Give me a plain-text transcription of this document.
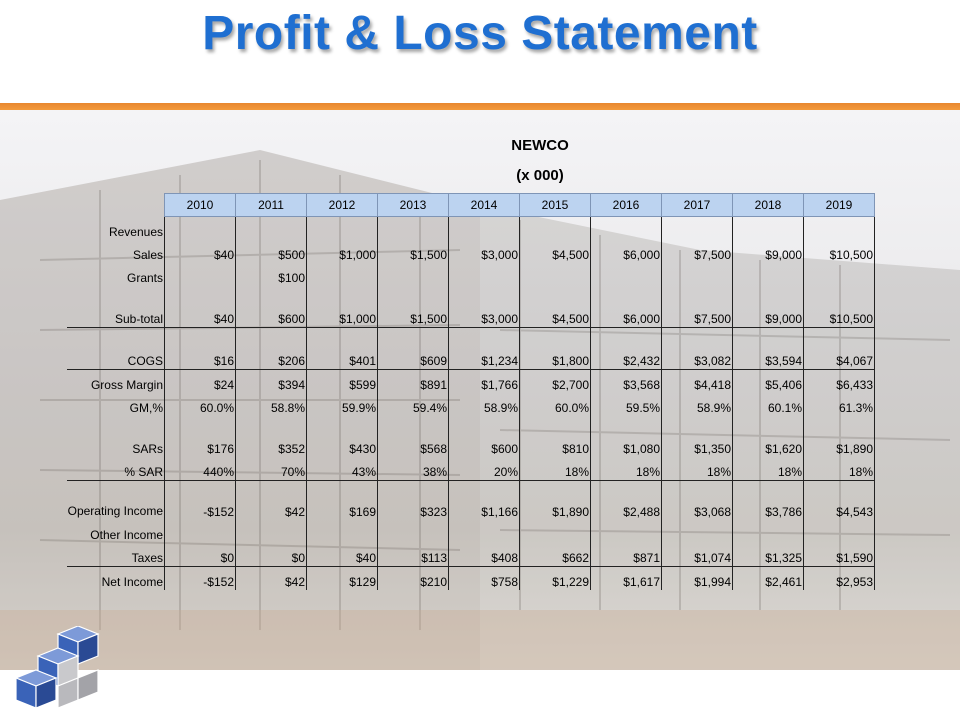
Profit & Loss Statement
NEWCO
(x 000)
	2010	2011	2012	2013	2014	2015	2016	2017	2018	2019
Revenues										
Sales	$40	$500	$1,000	$1,500	$3,000	$4,500	$6,000	$7,500	$9,000	$10,500
Grants		$100								
Sub-total	$40	$600	$1,000	$1,500	$3,000	$4,500	$6,000	$7,500	$9,000	$10,500
COGS	$16	$206	$401	$609	$1,234	$1,800	$2,432	$3,082	$3,594	$4,067
Gross Margin	$24	$394	$599	$891	$1,766	$2,700	$3,568	$4,418	$5,406	$6,433
GM,%	60.0%	58.8%	59.9%	59.4%	58.9%	60.0%	59.5%	58.9%	60.1%	61.3%
SARs	$176	$352	$430	$568	$600	$810	$1,080	$1,350	$1,620	$1,890
% SAR	440%	70%	43%	38%	20%	18%	18%	18%	18%	18%
Operating Income	-$152	$42	$169	$323	$1,166	$1,890	$2,488	$3,068	$3,786	$4,543
Other Income										
Taxes	$0	$0	$40	$113	$408	$662	$871	$1,074	$1,325	$1,590
Net Income	-$152	$42	$129	$210	$758	$1,229	$1,617	$1,994	$2,461	$2,953
